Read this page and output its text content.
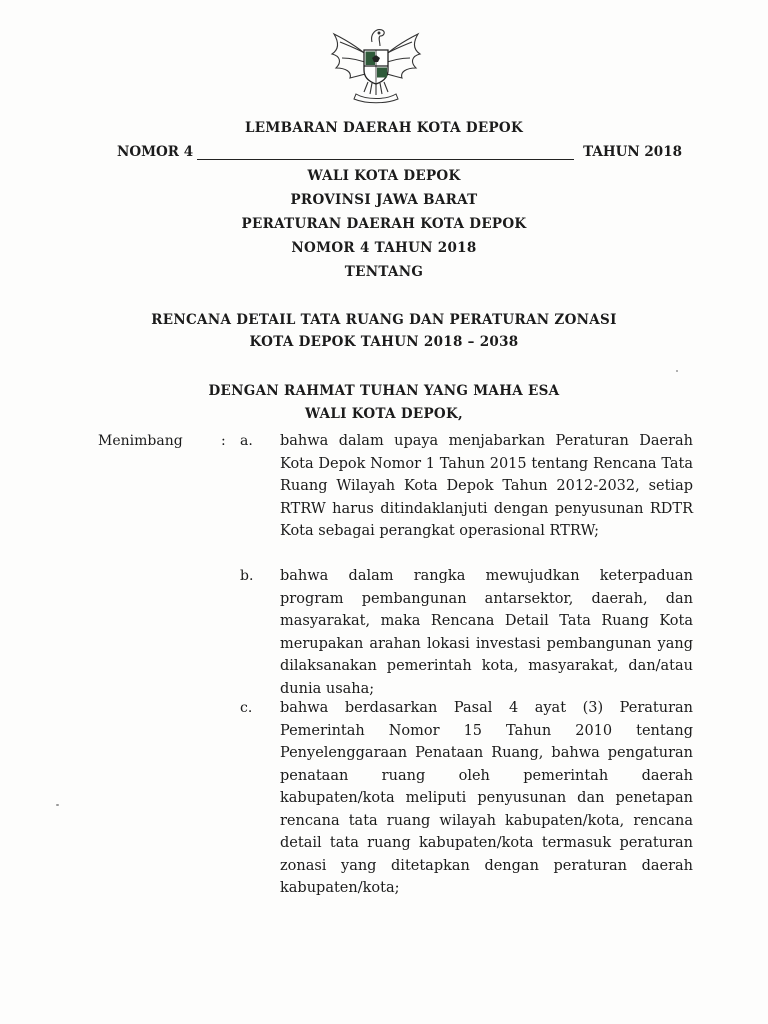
LEMBARAN DAERAH KOTA DEPOK
NOMOR 4	TAHUN 2018
WALI KOTA DEPOK
PROVINSI JAWA BARAT
PERATURAN DAERAH KOTA DEPOK
NOMOR 4 TAHUN 2018
TENTANG
RENCANA DETAIL TATA RUANG DAN PERATURAN ZONASI
KOTA DEPOK TAHUN 2018 – 2038
DENGAN RAHMAT TUHAN YANG MAHA ESA
WALI KOTA DEPOK,
Menimbang	: a. bahwa dalam upaya menjabarkan Peraturan Daerah Kota Depok Nomor 1 Tahun 2015 tentang Rencana Tata Ruang Wilayah Kota Depok Tahun 2012-2032, setiap RTRW harus ditindaklanjuti dengan penyusunan RDTR Kota sebagai perangkat operasional RTRW;
b. bahwa dalam rangka mewujudkan keterpaduan program pembangunan antarsektor, daerah, dan masyarakat, maka Rencana Detail Tata Ruang Kota merupakan arahan lokasi investasi pembangunan yang dilaksanakan pemerintah kota, masyarakat, dan/atau dunia usaha;
c. bahwa berdasarkan Pasal 4 ayat (3) Peraturan Pemerintah Nomor 15 Tahun 2010 tentang Penyelenggaraan Penataan Ruang, bahwa pengaturan penataan ruang oleh pemerintah daerah kabupaten/kota meliputi penyusunan dan penetapan rencana tata ruang wilayah kabupaten/kota, rencana detail tata ruang kabupaten/kota termasuk peraturan zonasi yang ditetapkan dengan peraturan daerah kabupaten/kota;
